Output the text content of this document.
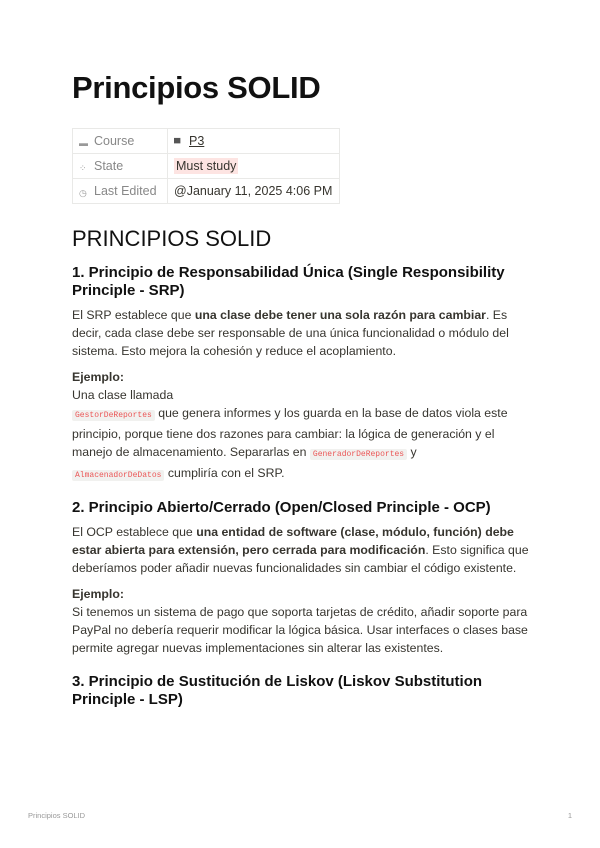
Principios SOLID
▬ Course	▀ P3
⁘ State	Must study
◷ Last Edited	@January 11, 2025 4:06 PM
PRINCIPIOS SOLID
1. Principio de Responsabilidad Única (Single Responsibility Principle - SRP)

El SRP establece que una clase debe tener una sola razón para cambiar. Es decir, cada clase debe ser responsable de una única funcionalidad o módulo del sistema. Esto mejora la cohesión y reduce el acoplamiento.

Ejemplo:

Una clase llamada

GestorDeReportes que genera informes y los guarda en la base de datos viola este principio, porque tiene dos razones para cambiar: la lógica de generación y el manejo de almacenamiento. Separarlas en GeneradorDeReportes y
AlmacenadorDeDatos cumpliría con el SRP.

2. Principio Abierto/Cerrado (Open/Closed Principle - OCP)

El OCP establece que una entidad de software (clase, módulo, función) debe estar abierta para extensión, pero cerrada para modificación. Esto significa que deberíamos poder añadir nuevas funcionalidades sin cambiar el código existente.

Ejemplo:

Si tenemos un sistema de pago que soporta tarjetas de crédito, añadir soporte para PayPal no debería requerir modificar la lógica básica. Usar interfaces o clases base permite agregar nuevas implementaciones sin alterar las existentes.

3. Principio de Sustitución de Liskov (Liskov Substitution Principle - LSP)
Principios SOLID	1
